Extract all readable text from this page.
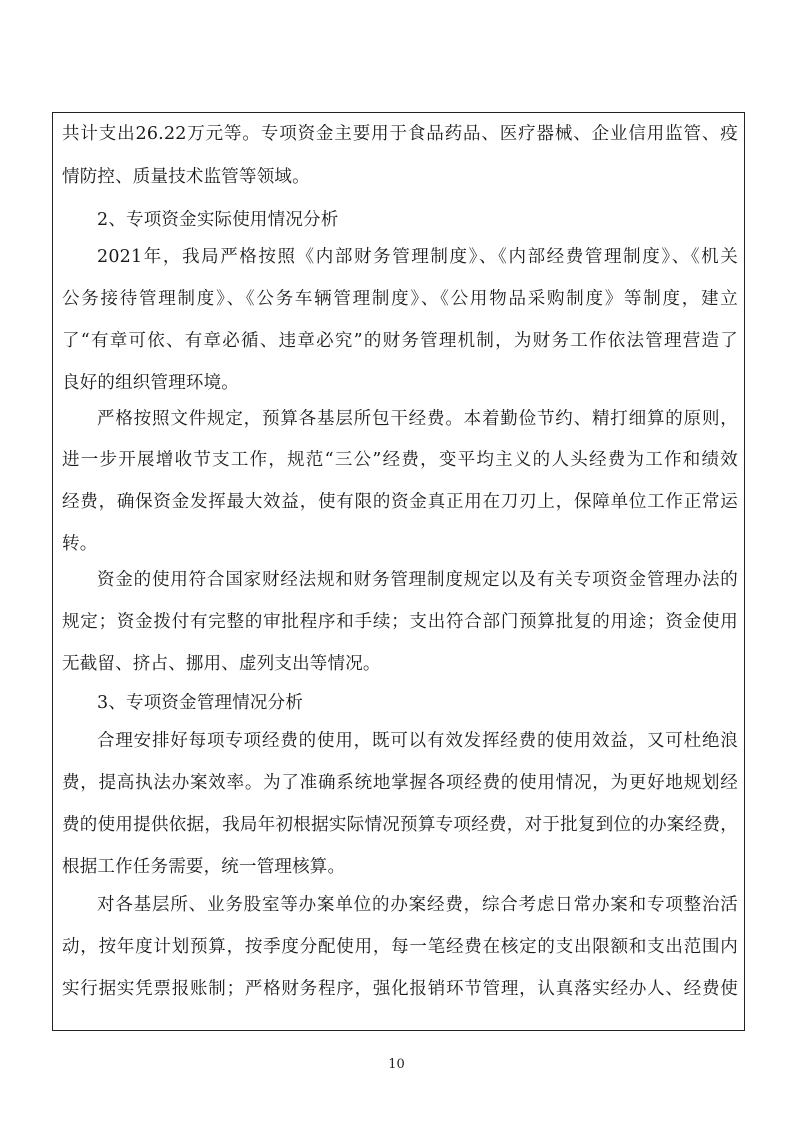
共计支出26.22万元等。专项资金主要用于食品药品、医疗器械、企业信用监管、疫
情防控、质量技术监管等领域。
2、专项资金实际使用情况分析
2021年，我局严格按照《内部财务管理制度》、《内部经费管理制度》、《机关
公务接待管理制度》、《公务车辆管理制度》、《公用物品采购制度》等制度，建立
了“有章可依、有章必循、违章必究”的财务管理机制，为财务工作依法管理营造了
良好的组织管理环境。
严格按照文件规定，预算各基层所包干经费。本着勤俭节约、精打细算的原则，
进一步开展增收节支工作，规范“三公”经费，变平均主义的人头经费为工作和绩效
经费，确保资金发挥最大效益，使有限的资金真正用在刀刃上，保障单位工作正常运
转。
资金的使用符合国家财经法规和财务管理制度规定以及有关专项资金管理办法的
规定；资金拨付有完整的审批程序和手续；支出符合部门预算批复的用途；资金使用
无截留、挤占、挪用、虚列支出等情况。
3、专项资金管理情况分析
合理安排好每项专项经费的使用，既可以有效发挥经费的使用效益，又可杜绝浪
费，提高执法办案效率。为了准确系统地掌握各项经费的使用情况，为更好地规划经
费的使用提供依据，我局年初根据实际情况预算专项经费，对于批复到位的办案经费，
根据工作任务需要，统一管理核算。
对各基层所、业务股室等办案单位的办案经费，综合考虑日常办案和专项整治活
动，按年度计划预算，按季度分配使用，每一笔经费在核定的支出限额和支出范围内
实行据实凭票报账制；严格财务程序，强化报销环节管理，认真落实经办人、经费使
10
